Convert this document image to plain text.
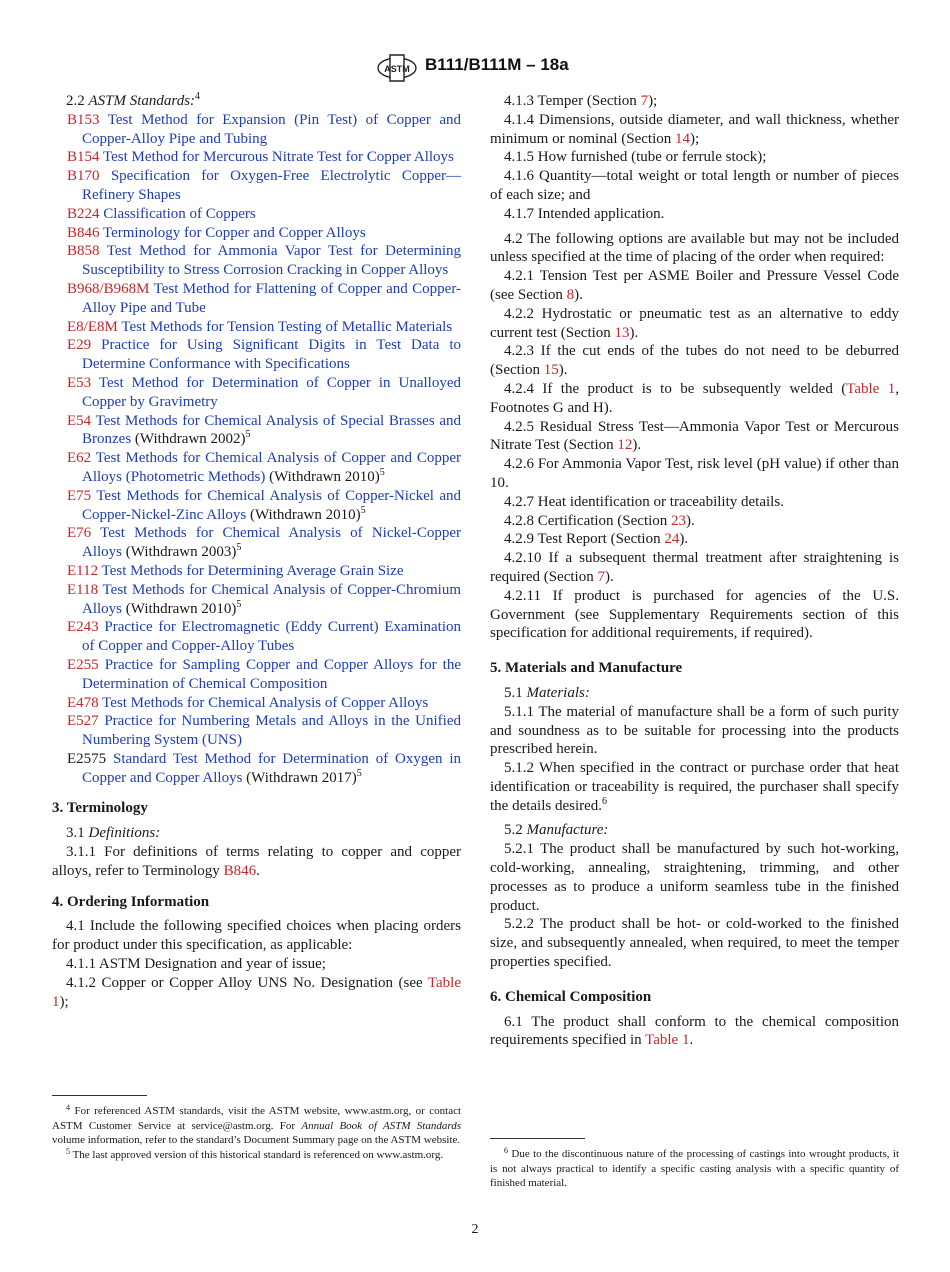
ASTM B111/B111M – 18a

2.2 ASTM Standards:$^4$

B153 Test Method for Expansion (Pin Test) of Copper and Copper-Alloy Pipe and Tubing

B154 Test Method for Mercurous Nitrate Test for Copper Alloys

B170 Specification for Oxygen-Free Electrolytic Copper—Refinery Shapes

B224 Classification of Coppers

B846 Terminology for Copper and Copper Alloys

B858 Test Method for Ammonia Vapor Test for Determining Susceptibility to Stress Corrosion Cracking in Copper Alloys

B968/B968M Test Method for Flattening of Copper and Copper-Alloy Pipe and Tube

E8/E8M Test Methods for Tension Testing of Metallic Materials

E29 Practice for Using Significant Digits in Test Data to Determine Conformance with Specifications

E53 Test Method for Determination of Copper in Unalloyed Copper by Gravimetry

E54 Test Methods for Chemical Analysis of Special Brasses and Bronzes (Withdrawn 2002)$^5$

E62 Test Methods for Chemical Analysis of Copper and Copper Alloys (Photometric Methods) (Withdrawn 2010)$^5$

E75 Test Methods for Chemical Analysis of Copper-Nickel and Copper-Nickel-Zinc Alloys (Withdrawn 2010)$^5$

E76 Test Methods for Chemical Analysis of Nickel-Copper Alloys (Withdrawn 2003)$^5$

E112 Test Methods for Determining Average Grain Size

E118 Test Methods for Chemical Analysis of Copper-Chromium Alloys (Withdrawn 2010)$^5$

E243 Practice for Electromagnetic (Eddy Current) Examination of Copper and Copper-Alloy Tubes

E255 Practice for Sampling Copper and Copper Alloys for the Determination of Chemical Composition

E478 Test Methods for Chemical Analysis of Copper Alloys

E527 Practice for Numbering Metals and Alloys in the Unified Numbering System (UNS)

E2575 Standard Test Method for Determination of Oxygen in Copper and Copper Alloys (Withdrawn 2017)$^5$

3. Terminology

3.1 Definitions:

3.1.1 For definitions of terms relating to copper and copper alloys, refer to Terminology B846.

4. Ordering Information

4.1 Include the following specified choices when placing orders for product under this specification, as applicable:

4.1.1 ASTM Designation and year of issue;

4.1.2 Copper or Copper Alloy UNS No. Designation (see Table 1);

4.1.3 Temper (Section 7);

4.1.4 Dimensions, outside diameter, and wall thickness, whether minimum or nominal (Section 14);

4.1.5 How furnished (tube or ferrule stock);

4.1.6 Quantity—total weight or total length or number of pieces of each size; and

4.1.7 Intended application.

4.2 The following options are available but may not be included unless specified at the time of placing of the order when required:

4.2.1 Tension Test per ASME Boiler and Pressure Vessel Code (see Section 8).

4.2.2 Hydrostatic or pneumatic test as an alternative to eddy current test (Section 13).

4.2.3 If the cut ends of the tubes do not need to be deburred (Section 15).

4.2.4 If the product is to be subsequently welded (Table 1, Footnotes G and H).

4.2.5 Residual Stress Test—Ammonia Vapor Test or Mercurous Nitrate Test (Section 12).

4.2.6 For Ammonia Vapor Test, risk level (pH value) if other than 10.

4.2.7 Heat identification or traceability details.

4.2.8 Certification (Section 23).

4.2.9 Test Report (Section 24).

4.2.10 If a subsequent thermal treatment after straightening is required (Section 7).

4.2.11 If product is purchased for agencies of the U.S. Government (see Supplementary Requirements section of this specification for additional requirements, if required).

5. Materials and Manufacture

5.1 Materials:

5.1.1 The material of manufacture shall be a form of such purity and soundness as to be suitable for processing into the products prescribed herein.

5.1.2 When specified in the contract or purchase order that heat identification or traceability is required, the purchaser shall specify the details desired.$^6$

5.2 Manufacture:

5.2.1 The product shall be manufactured by such hot-working, cold-working, annealing, straightening, trimming, and other processes as to produce a uniform seamless tube in the finished product.

5.2.2 The product shall be hot- or cold-worked to the finished size, and subsequently annealed, when required, to meet the temper properties specified.

6. Chemical Composition

6.1 The product shall conform to the chemical composition requirements specified in Table 1.

$^4$ For referenced ASTM standards, visit the ASTM website, www.astm.org, or contact ASTM Customer Service at service@astm.org. For Annual Book of ASTM Standards volume information, refer to the standard’s Document Summary page on the ASTM website.

$^5$ The last approved version of this historical standard is referenced on www.astm.org.	$^6$ Due to the discontinuous nature of the processing of castings into wrought products, it is not always practical to identify a specific casting analysis with a specific quantity of finished material.

2
